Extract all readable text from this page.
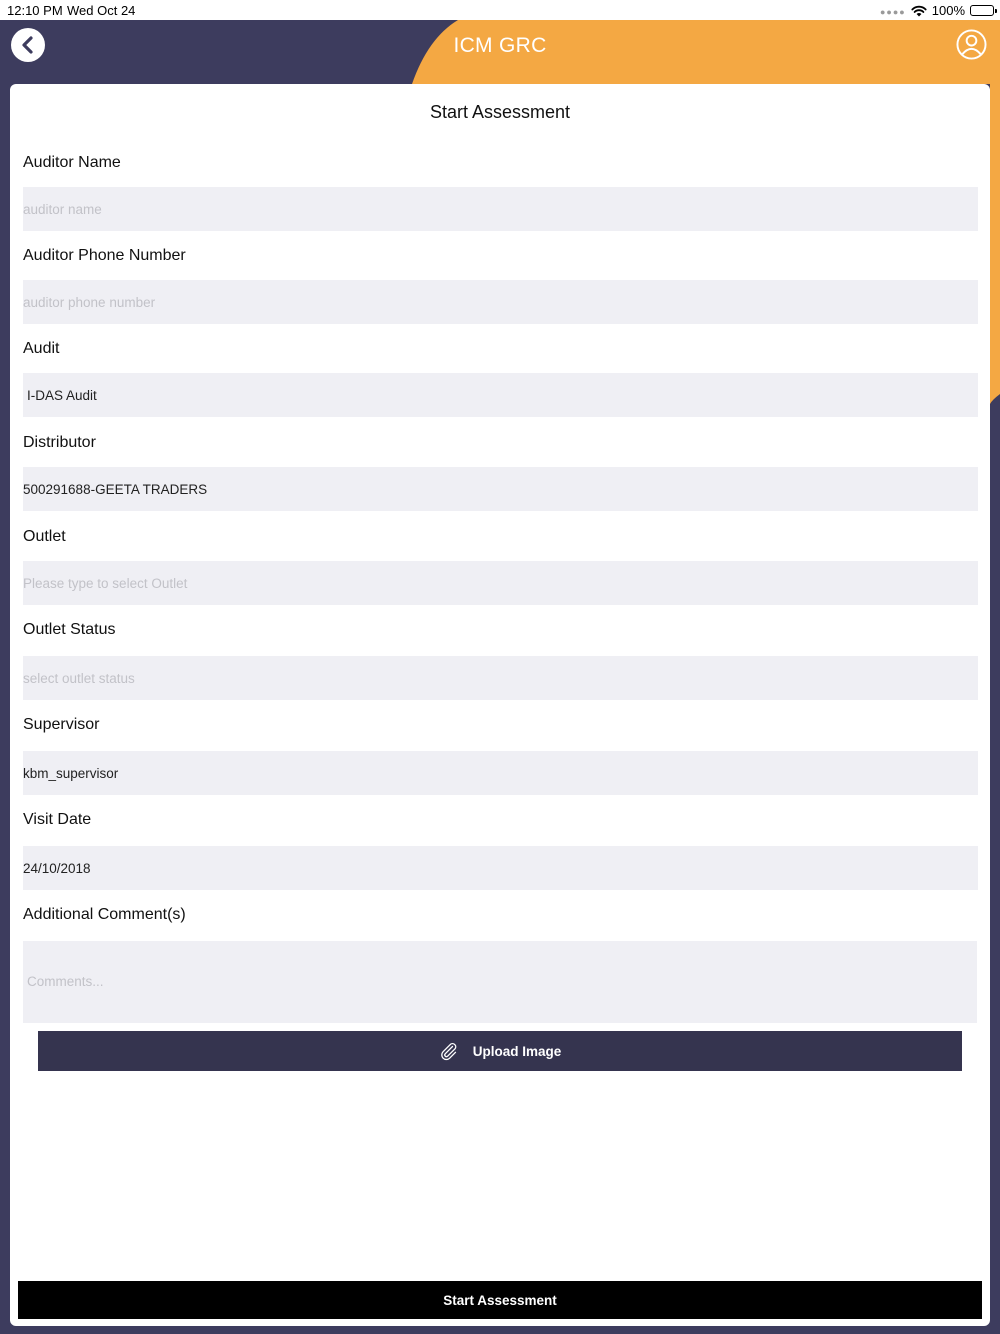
12:10 PM Wed Oct 24	●●●● 100%
ICM GRC
Start Assessment
Auditor Name
auditor name
Auditor Phone Number
auditor phone number
Audit
I-DAS Audit
Distributor
500291688-GEETA TRADERS
Outlet
Please type to select Outlet
Outlet Status
select outlet status
Supervisor
kbm_supervisor
Visit Date
24/10/2018
Additional Comment(s)
Comments...
Upload Image
Start Assessment
